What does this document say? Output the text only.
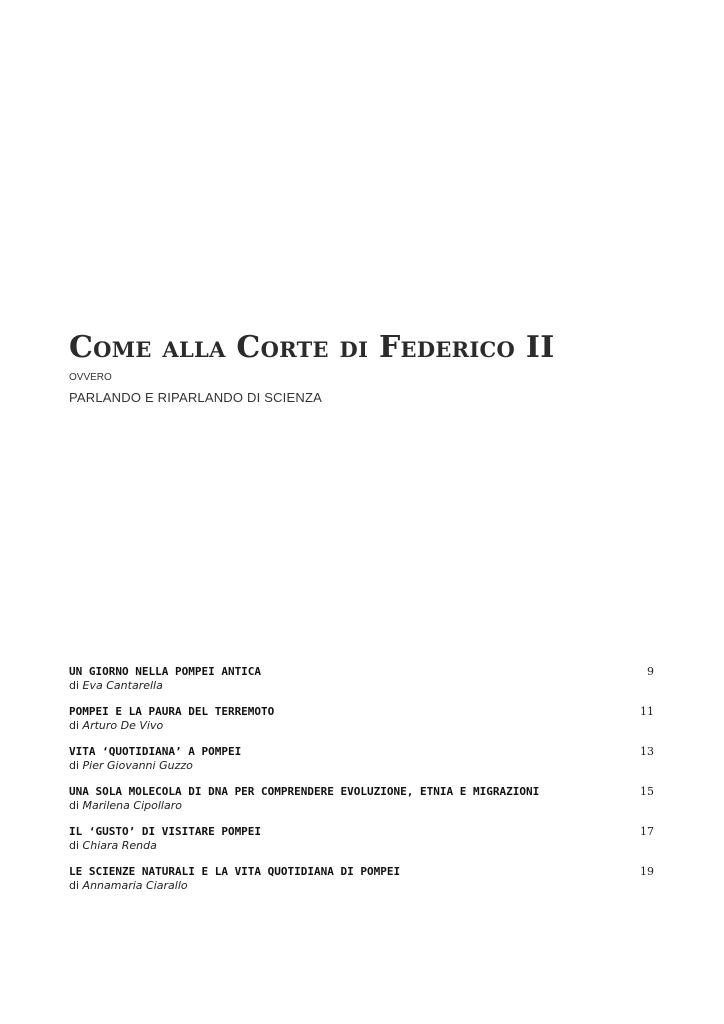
Come alla Corte di Federico II
OVVERO
PARLANDO E RIPARLANDO DI SCIENZA
UN GIORNO NELLA POMPEI ANTICA	9
di Eva Cantarella
POMPEI E LA PAURA DEL TERREMOTO	11
di Arturo De Vivo
VITA ‘QUOTIDIANA’ A POMPEI	13
di Pier Giovanni Guzzo
UNA SOLA MOLECOLA DI DNA PER COMPRENDERE EVOLUZIONE, ETNIA E MIGRAZIONI	15
di Marilena Cipollaro
IL ‘GUSTO’ DI VISITARE POMPEI	17
di Chiara Renda
LE SCIENZE NATURALI E LA VITA QUOTIDIANA DI POMPEI	19
di Annamaria Ciarallo
